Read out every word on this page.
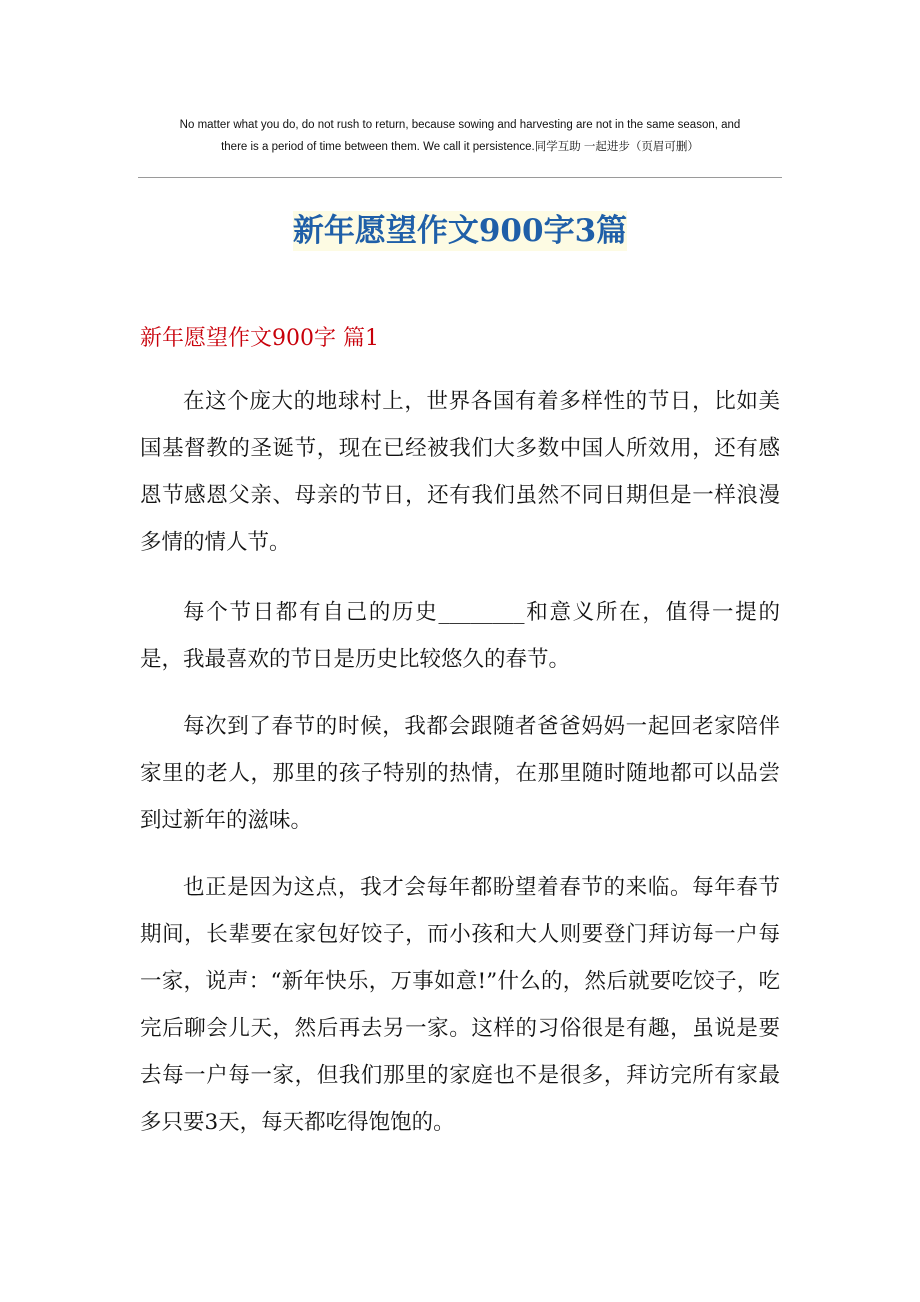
No matter what you do, do not rush to return, because sowing and harvesting are not in the same season, and
there is a period of time between them. We call it persistence.同学互助 一起进步（页眉可删）
新年愿望作文900字3篇
新年愿望作文900字 篇1
在这个庞大的地球村上，世界各国有着多样性的节日，比如美国基督教的圣诞节，现在已经被我们大多数中国人所效用，还有感恩节感恩父亲、母亲的节日，还有我们虽然不同日期但是一样浪漫多情的情人节。
每个节日都有自己的历史________和意义所在，值得一提的是，我最喜欢的节日是历史比较悠久的春节。
每次到了春节的时候，我都会跟随者爸爸妈妈一起回老家陪伴家里的老人，那里的孩子特别的热情，在那里随时随地都可以品尝到过新年的滋味。
也正是因为这点，我才会每年都盼望着春节的来临。每年春节期间，长辈要在家包好饺子，而小孩和大人则要登门拜访每一户每一家，说声：“新年快乐，万事如意!”什么的，然后就要吃饺子，吃完后聊会儿天，然后再去另一家。这样的习俗很是有趣，虽说是要去每一户每一家，但我们那里的家庭也不是很多，拜访完所有家最多只要3天，每天都吃得饱饱的。
